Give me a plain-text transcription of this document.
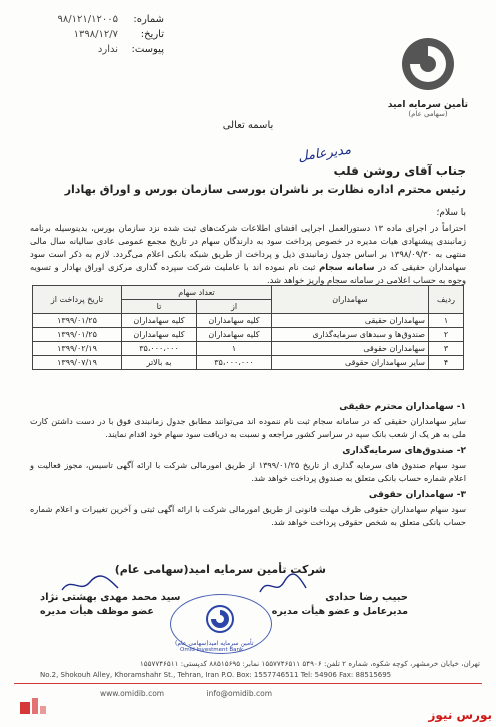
شماره:
۹۸/۱۲۱/۱۲۰۰۵
تاریخ:
۱۳۹۸/۱۲/۷
پیوست:
ندارد
تأمین سرمایه امید
(سهامی عام)
باسمه تعالی
مدیرعامل
جناب آقای روشن قلب
رئیس محترم اداره نظارت بر ناشران بورسی سازمان بورس و اوراق بهادار
با سلام؛
احتراماً در اجرای ماده ۱۳ دستورالعمل اجرایی افشای اطلاعات شرکت‌های ثبت شده نزد سازمان بورس، بدینوسیله برنامه زمانبندی پیشنهادی هیات مدیره در خصوص پرداخت سود به دارندگان سهام در تاریخ مجمع عمومی عادی سالیانه سال مالی منتهی به ۱۳۹۸/۰۹/۳۰ بر اساس جدول زمانبندی ذیل و پرداخت از طریق شبکه بانکی اعلام می‌گردد. لازم به ذکر است سود سهامداران حقیقی که در سامانه سجام ثبت نام نموده اند با عاملیت شرکت سپرده گذاری مرکزی اوراق بهادار و تسویه وجوه به حساب اعلامی در سامانه سجام واریز خواهد شد.
ردیف	سهامداران	تعداد سهام		تاریخ پرداخت از
		از	تا	
۱	سهامداران حقیقی	کلیه سهامداران	کلیه سهامداران	۱۳۹۹/۰۱/۲۵
۲	صندوق‌ها و سبدهای سرمایه‌گذاری	کلیه سهامداران	کلیه سهامداران	۱۳۹۹/۰۱/۲۵
۳	سهامداران حقوقی	۱	۳۵،۰۰۰،۰۰۰	۱۳۹۹/۰۲/۱۹
۴	سایر سهامداران حقوقی	۳۵،۰۰۰،۰۰۰	به بالاتر	۱۳۹۹/۰۷/۱۹
۱- سهامداران محترم حقیقی
سایر سهامداران حقیقی که در سامانه سجام ثبت نام ننموده اند می‌توانند مطابق جدول زمانبندی فوق با در دست داشتن کارت ملی به هر یک از شعب بانک سپه در سراسر کشور مراجعه و نسبت به دریافت سود سهام خود اقدام نمایند.
۲- صندوق‌های سرمایه‌گذاری
سود سهام صندوق های سرمایه گذاری از تاریخ ۱۳۹۹/۰۱/۲۵ از طریق امورمالی شرکت با ارائه آگهی تاسیس، مجوز فعالیت و اعلام شماره حساب بانکی متعلق به صندوق پرداخت خواهد شد.
۳- سهامداران حقوقی
سود سهام سهامداران حقوقی ظرف مهلت قانونی از طریق امورمالی شرکت با ارائه آگهی ثبتی و آخرین تغییرات و اعلام شماره حساب بانکی متعلق به شخص حقوقی پرداخت خواهد شد.
شرکت تأمین سرمایه امید(سهامی عام)
سید محمد مهدی بهشتی نژاد
عضو موظف هیأت مدیره
حبیب رضا حدادی
مدیرعامل و عضو هیأت مدیره
تأمین سرمایه امید(سهامی عام)
Omid Investment Bank
تهران، خیابان خرمشهر، کوچه شکوه، شماره ۲ تلفن: ۵۴۹۰۶ ۱۵۵۷۷۴۶۵۱۱ نمابر: ۸۸۵۱۵۶۹۵ کدپستی: ۱۵۵۷۷۴۶۵۱۱
No.2, Shokouh Alley, Khoramshahr St., Tehran, Iran P.O. Box: 1557746511 Tel: 54906 Fax: 88515695
www.omidib.com	info@omidib.com
بورس نیوز
